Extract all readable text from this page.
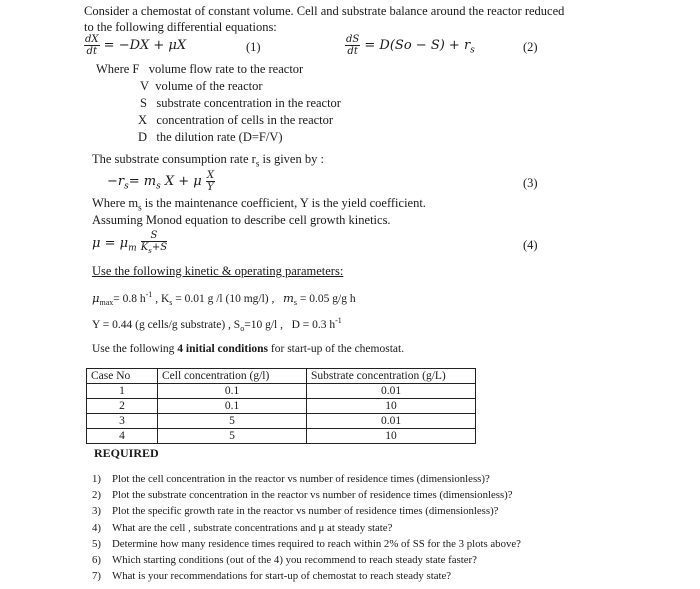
Consider a chemostat of constant volume. Cell and substrate balance around the reactor reduced
to the following differential equations:
$\frac{dX}{dt} = -DX + \mu X$	(1)	$\frac{dS}{dt} = D(So - S) + r_s$	(2)
Where F volume flow rate to the reactor
V volume of the reactor
S substrate concentration in the reactor
X concentration of cells in the reactor
D the dilution rate (D=F/V)
The substrate consumption rate $r_s$ is given by :
$-r_s= m_s$ X + μ $\frac{X}{Y}$	(3)
Where $m_s$ is the maintenance coefficient, Y is the yield coefficient.
Assuming Monod equation to describe cell growth kinetics.
$\mu = \mu_m \frac{S}{K_s+S}$	(4)
Use the following kinetic & operating parameters:
$\mu_{max}= 0.8$ $h^{-1}$ , $K_s = 0.01$ g /l (10 mg/l) , $m_s = 0.05$ g/g h
Y = 0.44 (g cells/g substrate) , $S_o=10$ g/l , D = 0.3 $h^{-1}$
Use the following 4 initial conditions for start-up of the chemostat.
Case No	Cell concentration (g/l)	Substrate concentration (g/L)
1	0.1	0.01
2	0.1	10
3	5	0.01
4	5	10
REQUIRED
1) Plot the cell concentration in the reactor vs number of residence times (dimensionless)?
2) Plot the substrate concentration in the reactor vs number of residence times (dimensionless)?
3) Plot the specific growth rate in the reactor vs number of residence times (dimensionless)?
4) What are the cell , substrate concentrations and μ at steady state?
5) Determine how many residence times required to reach within 2% of SS for the 3 plots above?
6) Which starting conditions (out of the 4) you recommend to reach steady state faster?
7) What is your recommendations for start-up of chemostat to reach steady state?
